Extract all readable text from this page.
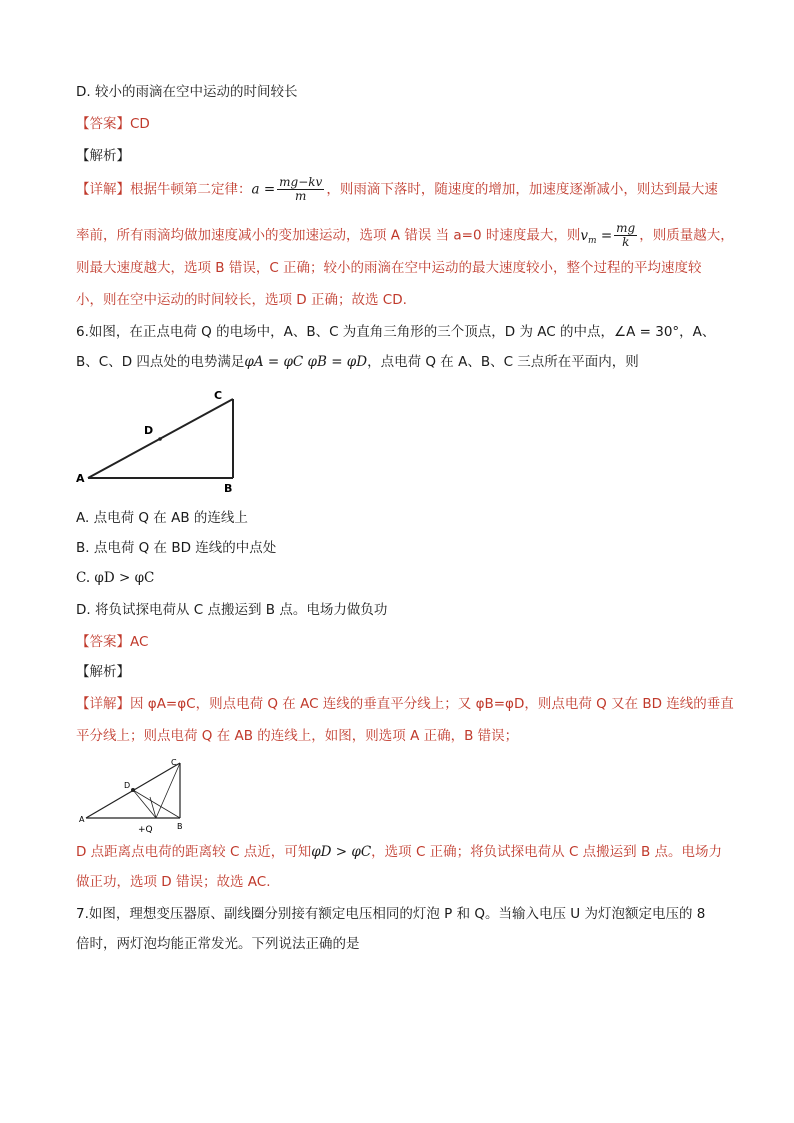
D. 较小的雨滴在空中运动的时间较长
【答案】CD
【解析】
【详解】根据牛顿第二定律：$a = \frac{mg-kv}{m}$ ，则雨滴下落时，随速度的增加，加速度逐渐减小，则达到最大速
率前，所有雨滴均做加速度减小的变加速运动，选项 A 错误 当 a=0 时速度最大，则$v_m = \frac{mg}{k}$ ，则质量越大，
则最大速度越大，选项 B 错误，C 正确；较小的雨滴在空中运动的最大速度较小，整个过程的平均速度较
小，则在空中运动的时间较长，选项 D 正确；故选 CD.
6.如图，在正点电荷 Q 的电场中，A、B、C 为直角三角形的三个顶点，D 为 AC 的中点，∠A = 30°，A、
B、C、D 四点处的电势满足φA = φC φB = φD，点电荷 Q 在 A、B、C 三点所在平面内，则
A
B
C
D
A. 点电荷 Q 在 AB 的连线上
B. 点电荷 Q 在 BD 连线的中点处
C. φD > φC
D. 将负试探电荷从 C 点搬运到 B 点。电场力做负功
【答案】AC
【解析】
【详解】因 φA=φC，则点电荷 Q 在 AC 连线的垂直平分线上；又 φB=φD，则点电荷 Q 又在 BD 连线的垂直
平分线上；则点电荷 Q 在 AB 的连线上，如图，则选项 A 正确，B 错误；
A
B
C
D
+Q
D 点距离点电荷的距离较 C 点近，可知φD > φC，选项 C 正确；将负试探电荷从 C 点搬运到 B 点。电场力
做正功，选项 D 错误；故选 AC.
7.如图，理想变压器原、副线圈分别接有额定电压相同的灯泡 P 和 Q。当输入电压 U 为灯泡额定电压的 8
倍时，两灯泡均能正常发光。下列说法正确的是
